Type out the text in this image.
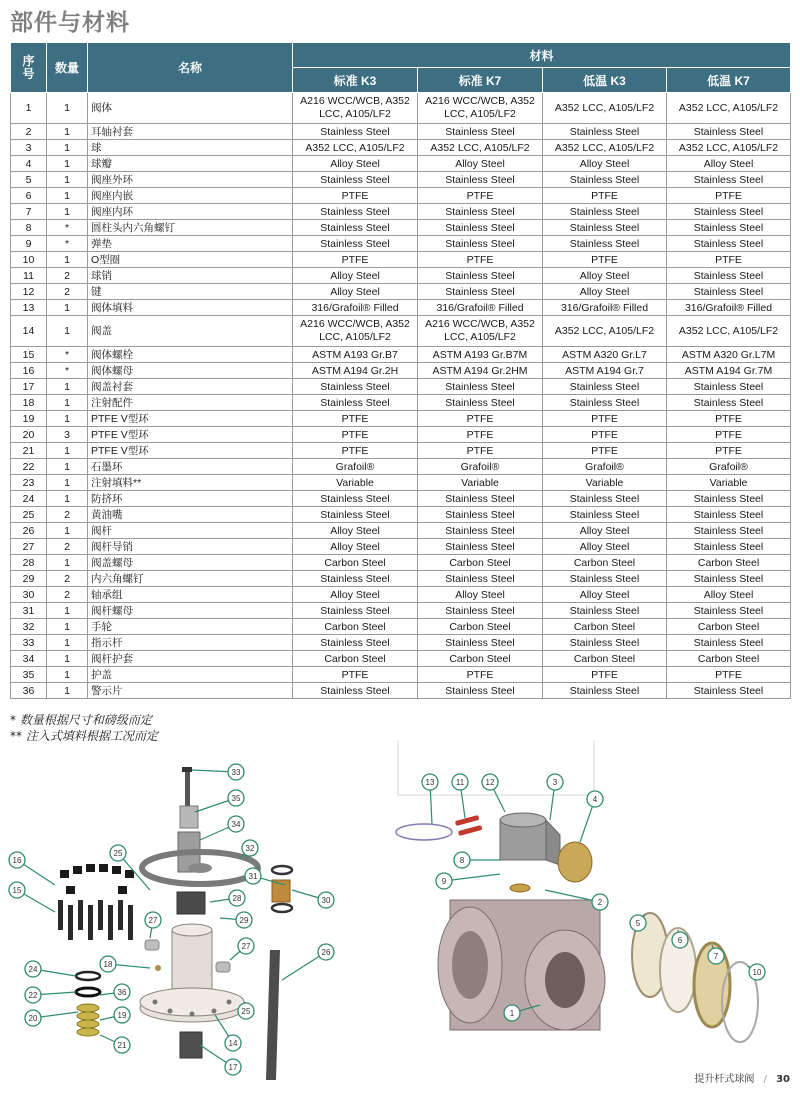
部件与材料
序号	数量	名称	材料			
			标准 K3	标准 K7	低温 K3	低温 K7
1	1	阀体	A216 WCC/WCB, A352 LCC, A105/LF2	A216 WCC/WCB, A352 LCC, A105/LF2	A352 LCC, A105/LF2	A352 LCC, A105/LF2
2	1	耳轴衬套	Stainless Steel	Stainless Steel	Stainless Steel	Stainless Steel
3	1	球	A352 LCC, A105/LF2	A352 LCC, A105/LF2	A352 LCC, A105/LF2	A352 LCC, A105/LF2
4	1	球瓣	Alloy Steel	Alloy Steel	Alloy Steel	Alloy Steel
5	1	阀座外环	Stainless Steel	Stainless Steel	Stainless Steel	Stainless Steel
6	1	阀座内嵌	PTFE	PTFE	PTFE	PTFE
7	1	阀座内环	Stainless Steel	Stainless Steel	Stainless Steel	Stainless Steel
8	*	圆柱头内六角螺钉	Stainless Steel	Stainless Steel	Stainless Steel	Stainless Steel
9	*	弹垫	Stainless Steel	Stainless Steel	Stainless Steel	Stainless Steel
10	1	O型圈	PTFE	PTFE	PTFE	PTFE
11	2	球销	Alloy Steel	Stainless Steel	Alloy Steel	Stainless Steel
12	2	键	Alloy Steel	Stainless Steel	Alloy Steel	Stainless Steel
13	1	阀体填料	316/Grafoil® Filled	316/Grafoil® Filled	316/Grafoil® Filled	316/Grafoil® Filled
14	1	阀盖	A216 WCC/WCB, A352 LCC, A105/LF2	A216 WCC/WCB, A352 LCC, A105/LF2	A352 LCC, A105/LF2	A352 LCC, A105/LF2
15	*	阀体螺栓	ASTM A193 Gr.B7	ASTM A193 Gr.B7M	ASTM A320 Gr.L7	ASTM A320 Gr.L7M
16	*	阀体螺母	ASTM A194 Gr.2H	ASTM A194 Gr.2HM	ASTM A194 Gr.7	ASTM A194 Gr.7M
17	1	阀盖衬套	Stainless Steel	Stainless Steel	Stainless Steel	Stainless Steel
18	1	注射配件	Stainless Steel	Stainless Steel	Stainless Steel	Stainless Steel
19	1	PTFE V型环	PTFE	PTFE	PTFE	PTFE
20	3	PTFE V型环	PTFE	PTFE	PTFE	PTFE
21	1	PTFE V型环	PTFE	PTFE	PTFE	PTFE
22	1	石墨环	Grafoil®	Grafoil®	Grafoil®	Grafoil®
23	1	注射填料**	Variable	Variable	Variable	Variable
24	1	防挤环	Stainless Steel	Stainless Steel	Stainless Steel	Stainless Steel
25	2	黄油嘴	Stainless Steel	Stainless Steel	Stainless Steel	Stainless Steel
26	1	阀杆	Alloy Steel	Stainless Steel	Alloy Steel	Stainless Steel
27	2	阀杆导销	Alloy Steel	Stainless Steel	Alloy Steel	Stainless Steel
28	1	阀盖螺母	Carbon Steel	Carbon Steel	Carbon Steel	Carbon Steel
29	2	内六角螺钉	Stainless Steel	Stainless Steel	Stainless Steel	Stainless Steel
30	2	轴承组	Alloy Steel	Alloy Steel	Alloy Steel	Alloy Steel
31	1	阀杆螺母	Stainless Steel	Stainless Steel	Stainless Steel	Stainless Steel
32	1	手轮	Carbon Steel	Carbon Steel	Carbon Steel	Carbon Steel
33	1	指示杆	Stainless Steel	Stainless Steel	Stainless Steel	Stainless Steel
34	1	阀杆护套	Carbon Steel	Carbon Steel	Carbon Steel	Carbon Steel
35	1	护盖	PTFE	PTFE	PTFE	PTFE
36	1	警示片	Stainless Steel	Stainless Steel	Stainless Steel	Stainless Steel
* 数量根据尺寸和磅级而定
** 注入式填料根据工况而定
33
35
34
32
25
16
15
31
30
28
29
27
27
18
26
24
22	36
20	19
21
25
14
17
13	11	12	3
4
8
9
2
5
6
7
10
1
提升杆式球阀 / 30
